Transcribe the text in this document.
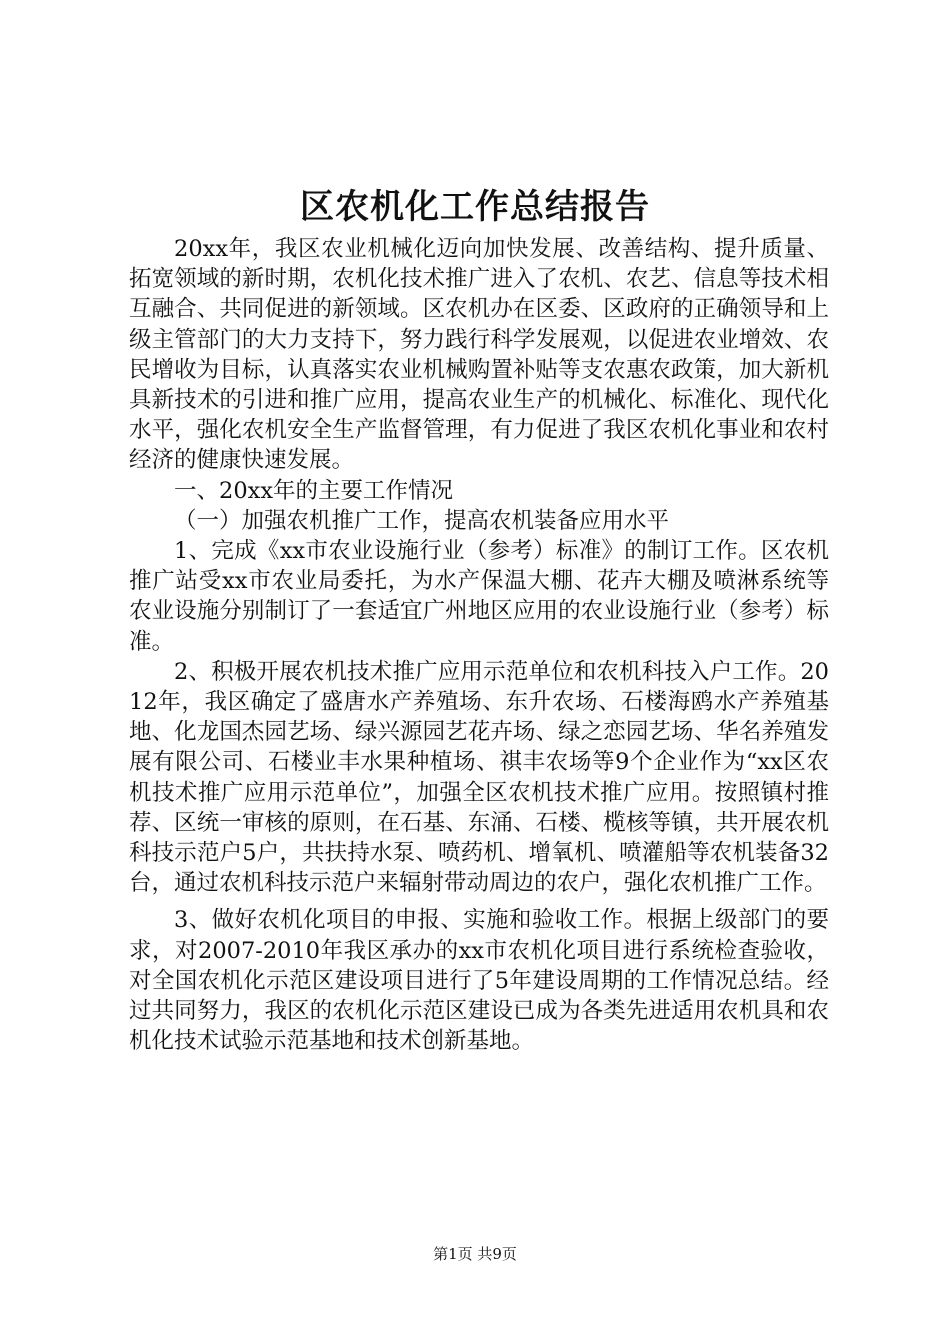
区农机化工作总结报告

20xx年，我区农业机械化迈向加快发展、改善结构、提升质量、拓宽领域的新时期，农机化技术推广进入了农机、农艺、信息等技术相互融合、共同促进的新领域。区农机办在区委、区政府的正确领导和上级主管部门的大力支持下，努力践行科学发展观，以促进农业增效、农民增收为目标，认真落实农业机械购置补贴等支农惠农政策，加大新机具新技术的引进和推广应用，提高农业生产的机械化、标准化、现代化水平，强化农机安全生产监督管理，有力促进了我区农机化事业和农村经济的健康快速发展。

一、20xx年的主要工作情况

（一）加强农机推广工作，提高农机装备应用水平

1、完成《xx市农业设施行业（参考）标准》的制订工作。区农机推广站受xx市农业局委托，为水产保温大棚、花卉大棚及喷淋系统等农业设施分别制订了一套适宜广州地区应用的农业设施行业（参考）标准。

2、积极开展农机技术推广应用示范单位和农机科技入户工作。2012年，我区确定了盛唐水产养殖场、东升农场、石楼海鸥水产养殖基地、化龙国杰园艺场、绿兴源园艺花卉场、绿之恋园艺场、华名养殖发展有限公司、石楼业丰水果种植场、祺丰农场等9个企业作为“xx区农机技术推广应用示范单位”，加强全区农机技术推广应用。按照镇村推荐、区统一审核的原则，在石基、东涌、石楼、榄核等镇，共开展农机科技示范户5户，共扶持水泵、喷药机、增氧机、喷灌船等农机装备32台，通过农机科技示范户来辐射带动周边的农户，强化农机推广工作。

3、做好农机化项目的申报、实施和验收工作。根据上级部门的要求，对2007-2010年我区承办的xx市农机化项目进行系统检查验收，对全国农机化示范区建设项目进行了5年建设周期的工作情况总结。经过共同努力，我区的农机化示范区建设已成为各类先进适用农机具和农机化技术试验示范基地和技术创新基地。

第1页 共9页
